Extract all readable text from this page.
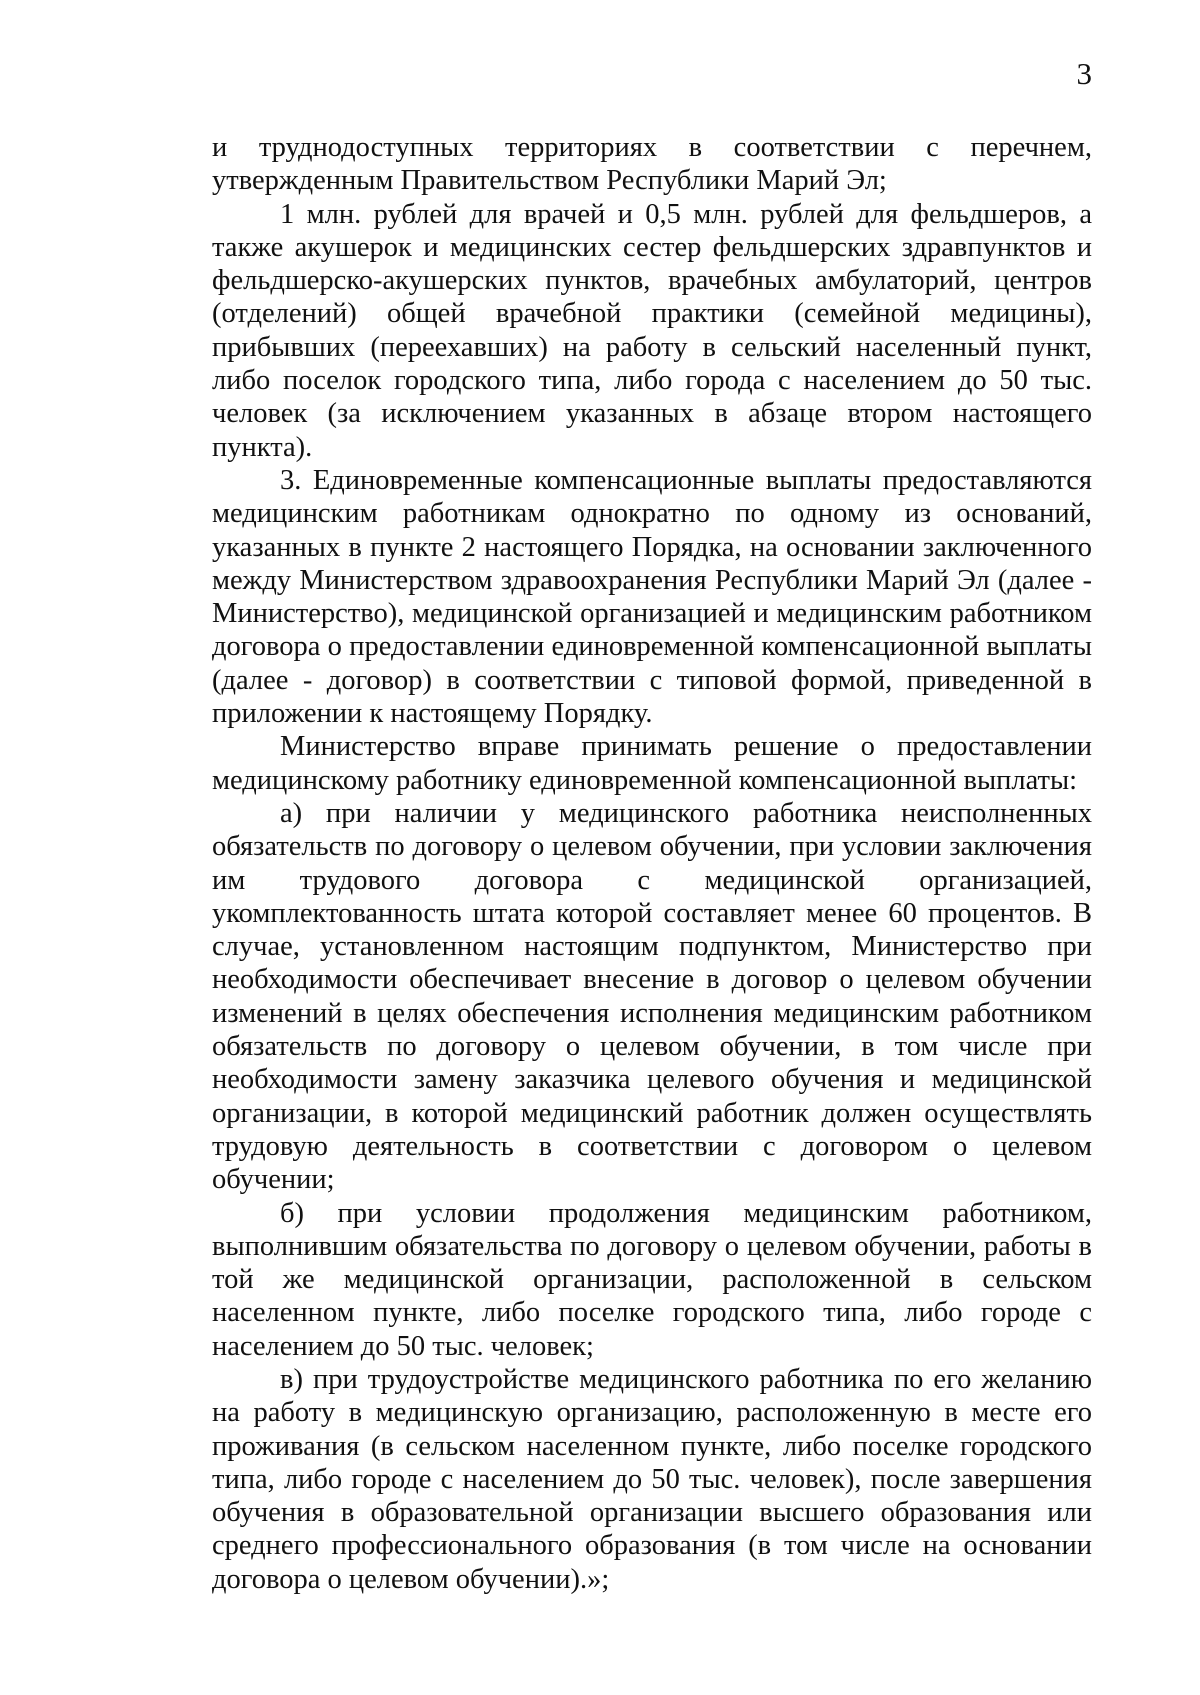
3

и труднодоступных территориях в соответствии с перечнем, утвержденным Правительством Республики Марий Эл;

1 млн. рублей для врачей и 0,5 млн. рублей для фельдшеров, а также акушерок и медицинских сестер фельдшерских здравпунктов и фельдшерско-акушерских пунктов, врачебных амбулаторий, центров (отделений) общей врачебной практики (семейной медицины), прибывших (переехавших) на работу в сельский населенный пункт, либо поселок городского типа, либо города с населением до 50 тыс. человек (за исключением указанных в абзаце втором настоящего пункта).

3. Единовременные компенсационные выплаты предоставляются медицинским работникам однократно по одному из оснований, указанных в пункте 2 настоящего Порядка, на основании заключенного между Министерством здравоохранения Республики Марий Эл (далее - Министерство), медицинской организацией и медицинским работником договора о предоставлении единовременной компенсационной выплаты (далее - договор) в соответствии с типовой формой, приведенной в приложении к настоящему Порядку.

Министерство вправе принимать решение о предоставлении медицинскому работнику единовременной компенсационной выплаты:

а) при наличии у медицинского работника неисполненных обязательств по договору о целевом обучении, при условии заключения им трудового договора с медицинской организацией, укомплектованность штата которой составляет менее 60 процентов. В случае, установленном настоящим подпунктом, Министерство при необходимости обеспечивает внесение в договор о целевом обучении изменений в целях обеспечения исполнения медицинским работником обязательств по договору о целевом обучении, в том числе при необходимости замену заказчика целевого обучения и медицинской организации, в которой медицинский работник должен осуществлять трудовую деятельность в соответствии с договором о целевом обучении;

б) при условии продолжения медицинским работником, выполнившим обязательства по договору о целевом обучении, работы в той же медицинской организации, расположенной в сельском населенном пункте, либо поселке городского типа, либо городе с населением до 50 тыс. человек;

в) при трудоустройстве медицинского работника по его желанию на работу в медицинскую организацию, расположенную в месте его проживания (в сельском населенном пункте, либо поселке городского типа, либо городе с населением до 50 тыс. человек), после завершения обучения в образовательной организации высшего образования или среднего профессионального образования (в том числе на основании договора о целевом обучении).»;
